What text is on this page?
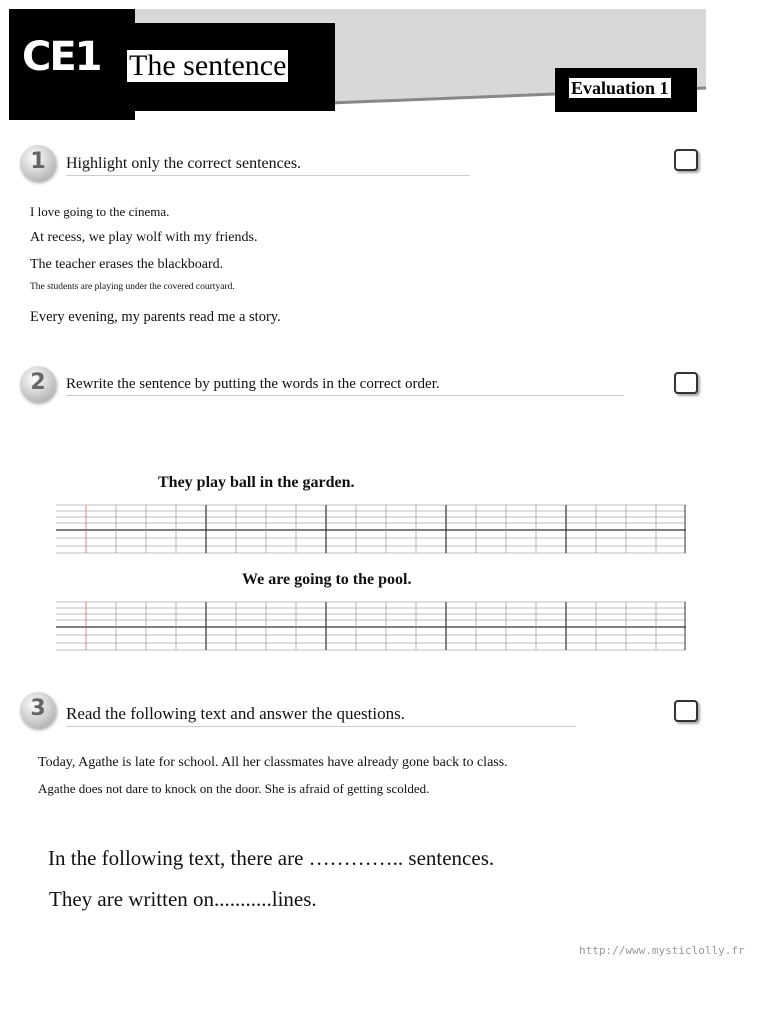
CE1 The sentence
Evaluation 1
1	Highlight only the correct sentences.
I love going to the cinema.
At recess, we play wolf with my friends.
The teacher erases the blackboard.
The students are playing under the covered courtyard.
Every evening, my parents read me a story.
2	Rewrite the sentence by putting the words in the correct order.
They play ball in the garden.
We are going to the pool.
3	Read the following text and answer the questions.
Today, Agathe is late for school. All her classmates have already gone back to class.
Agathe does not dare to knock on the door. She is afraid of getting scolded.
In the following text, there are ………….. sentences.
They are written on...........lines.
http://www.mysticlolly.fr
